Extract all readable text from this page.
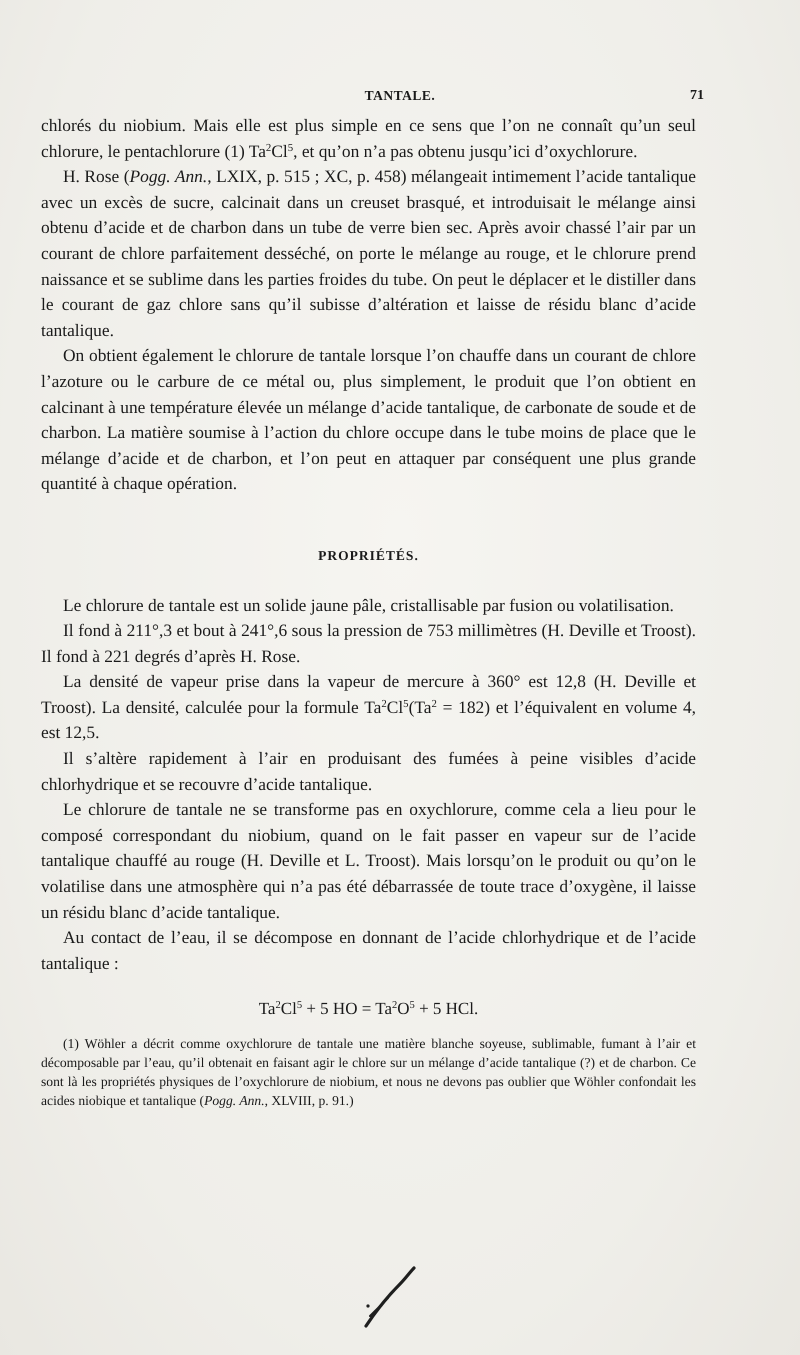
TANTALE.	71

chlorés du niobium. Mais elle est plus simple en ce sens que l’on ne connaît qu’un seul chlorure, le pentachlorure (1) Ta$^2$Cl$^5$, et qu’on n’a pas obtenu jusqu’ici d’oxychlorure.

H. Rose (Pogg. Ann., LXIX, p. 515 ; XC, p. 458) mélangeait intimement l’acide tantalique avec un excès de sucre, calcinait dans un creuset brasqué, et introduisait le mélange ainsi obtenu d’acide et de charbon dans un tube de verre bien sec. Après avoir chassé l’air par un courant de chlore parfaitement desséché, on porte le mélange au rouge, et le chlorure prend naissance et se sublime dans les parties froides du tube. On peut le déplacer et le distiller dans le courant de gaz chlore sans qu’il subisse d’altération et laisse de résidu blanc d’acide tantalique.

On obtient également le chlorure de tantale lorsque l’on chauffe dans un courant de chlore l’azoture ou le carbure de ce métal ou, plus simplement, le produit que l’on obtient en calcinant à une température élevée un mélange d’acide tantalique, de carbonate de soude et de charbon. La matière soumise à l’action du chlore occupe dans le tube moins de place que le mélange d’acide et de charbon, et l’on peut en attaquer par conséquent une plus grande quantité à chaque opération.

PROPRIÉTÉS.

Le chlorure de tantale est un solide jaune pâle, cristallisable par fusion ou volatilisation.

Il fond à 211°,3 et bout à 241°,6 sous la pression de 753 millimètres (H. Deville et Troost). Il fond à 221 degrés d’après H. Rose.

La densité de vapeur prise dans la vapeur de mercure à 360° est 12,8 (H. Deville et Troost). La densité, calculée pour la formule $Ta^2Cl^5(Ta^2 = 182)$ et l’équivalent en volume 4, est 12,5.

Il s’altère rapidement à l’air en produisant des fumées à peine visibles d’acide chlorhydrique et se recouvre d’acide tantalique.

Le chlorure de tantale ne se transforme pas en oxychlorure, comme cela a lieu pour le composé correspondant du niobium, quand on le fait passer en vapeur sur de l’acide tantalique chauffé au rouge (H. Deville et L. Troost). Mais lorsqu’on le produit ou qu’on le volatilise dans une atmosphère qui n’a pas été débarrassée de toute trace d’oxygène, il laisse un résidu blanc d’acide tantalique.

Au contact de l’eau, il se décompose en donnant de l’acide chlorhydrique et de l’acide tantalique :

$Ta^2Cl^5 + 5$ HO = $Ta^2O^5 + 5$ HCl.
(1) Wöhler a décrit comme oxychlorure de tantale une matière blanche soyeuse, sublimable, fumant à l’air et décomposable par l’eau, qu’il obtenait en faisant agir le chlore sur un mélange d’acide tantalique (?) et de charbon. Ce sont là les propriétés physiques de l’oxychlorure de niobium, et nous ne devons pas oublier que Wöhler confondait les acides niobique et tantalique (Pogg. Ann., XLVIII, p. 91.)
